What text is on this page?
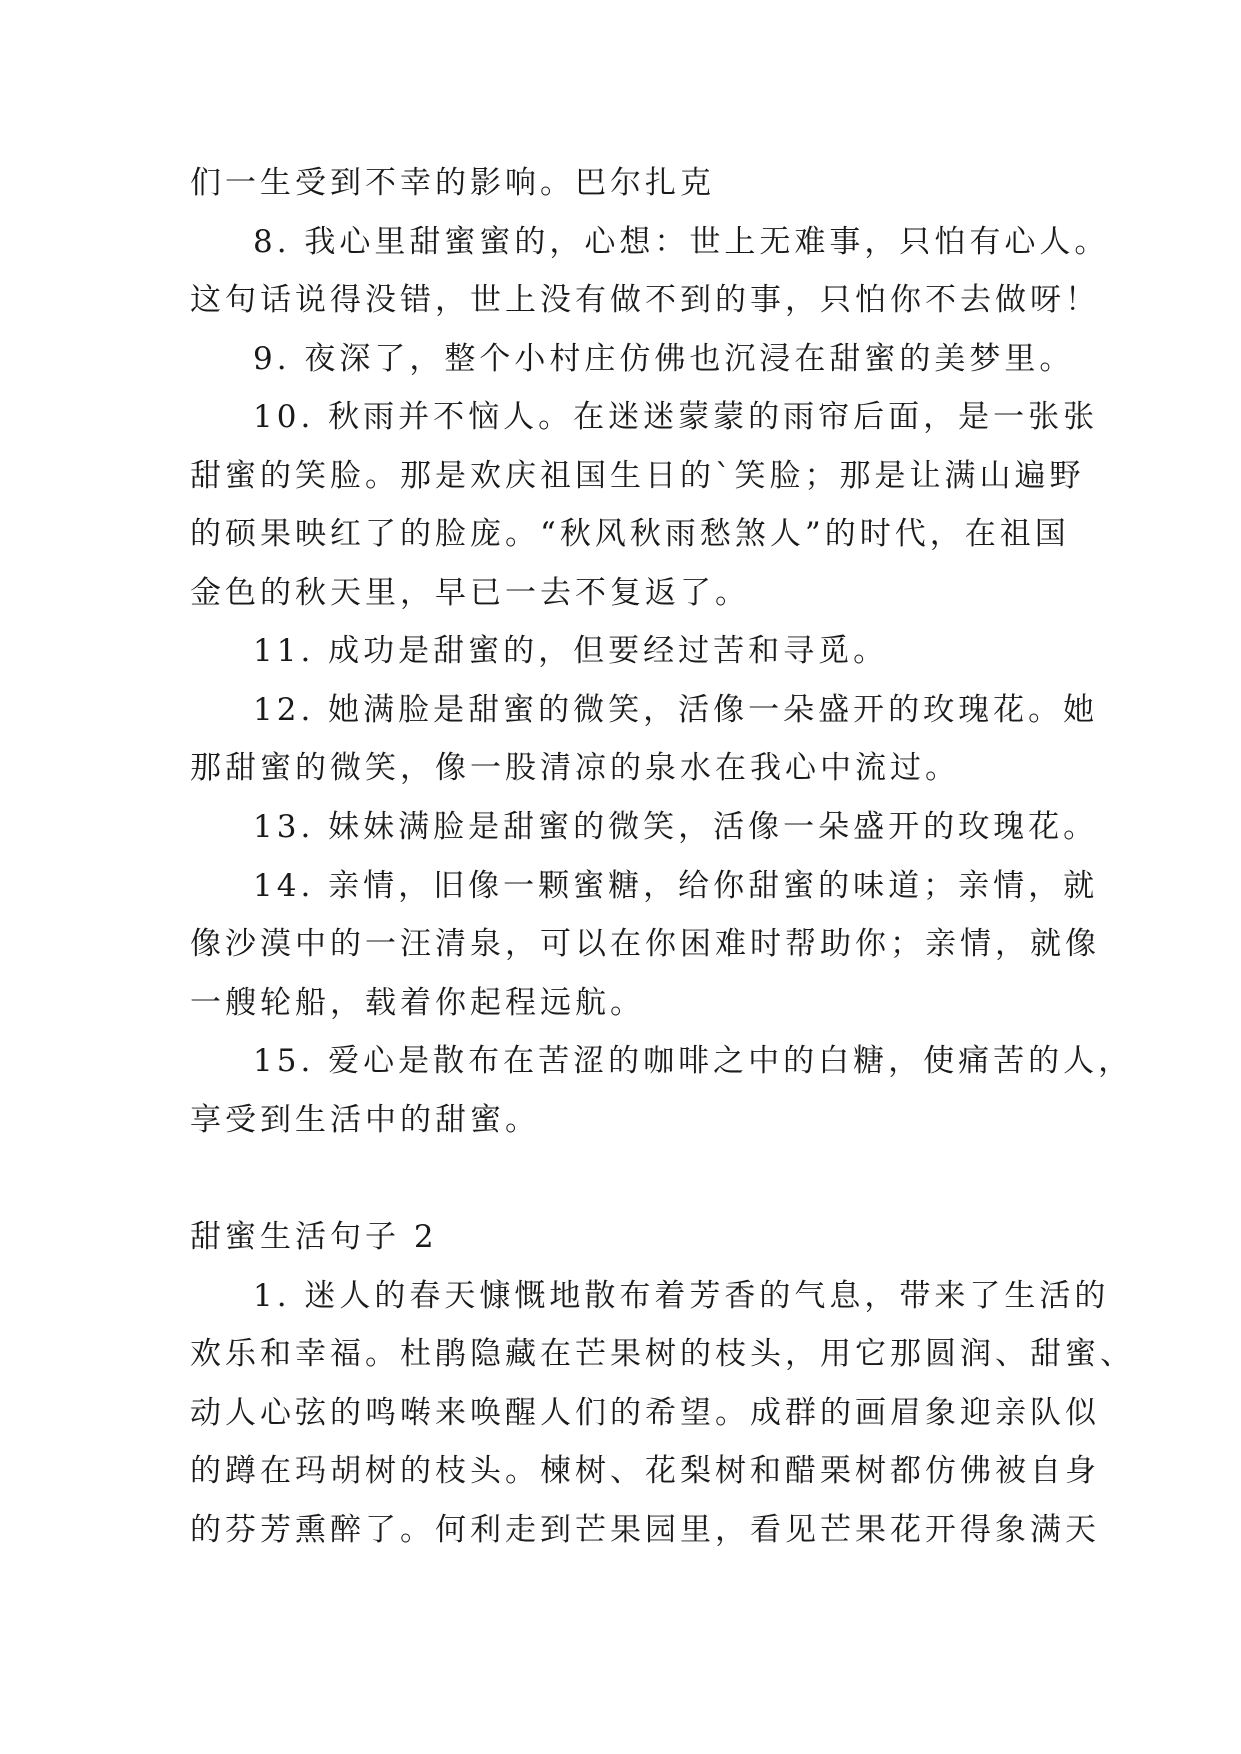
们一生受到不幸的影响。巴尔扎克
8. 我心里甜蜜蜜的，心想：世上无难事，只怕有心人。
这句话说得没错，世上没有做不到的事，只怕你不去做呀！
9. 夜深了，整个小村庄仿佛也沉浸在甜蜜的美梦里。
10. 秋雨并不恼人。在迷迷蒙蒙的雨帘后面，是一张张
甜蜜的笑脸。那是欢庆祖国生日的`笑脸；那是让满山遍野
的硕果映红了的脸庞。“秋风秋雨愁煞人”的时代，在祖国
金色的秋天里，早已一去不复返了。
11. 成功是甜蜜的，但要经过苦和寻觅。
12. 她满脸是甜蜜的微笑，活像一朵盛开的玫瑰花。她
那甜蜜的微笑，像一股清凉的泉水在我心中流过。
13. 妹妹满脸是甜蜜的微笑，活像一朵盛开的玫瑰花。
14. 亲情，旧像一颗蜜糖，给你甜蜜的味道；亲情，就
像沙漠中的一汪清泉，可以在你困难时帮助你；亲情，就像
一艘轮船，载着你起程远航。
15. 爱心是散布在苦涩的咖啡之中的白糖，使痛苦的人，
享受到生活中的甜蜜。
甜蜜生活句子 2
1. 迷人的春天慷慨地散布着芳香的气息，带来了生活的
欢乐和幸福。杜鹃隐藏在芒果树的枝头，用它那圆润、甜蜜、
动人心弦的鸣啭来唤醒人们的希望。成群的画眉象迎亲队似
的蹲在玛胡树的枝头。楝树、花梨树和醋栗树都仿佛被自身
的芬芳熏醉了。何利走到芒果园里，看见芒果花开得象满天
